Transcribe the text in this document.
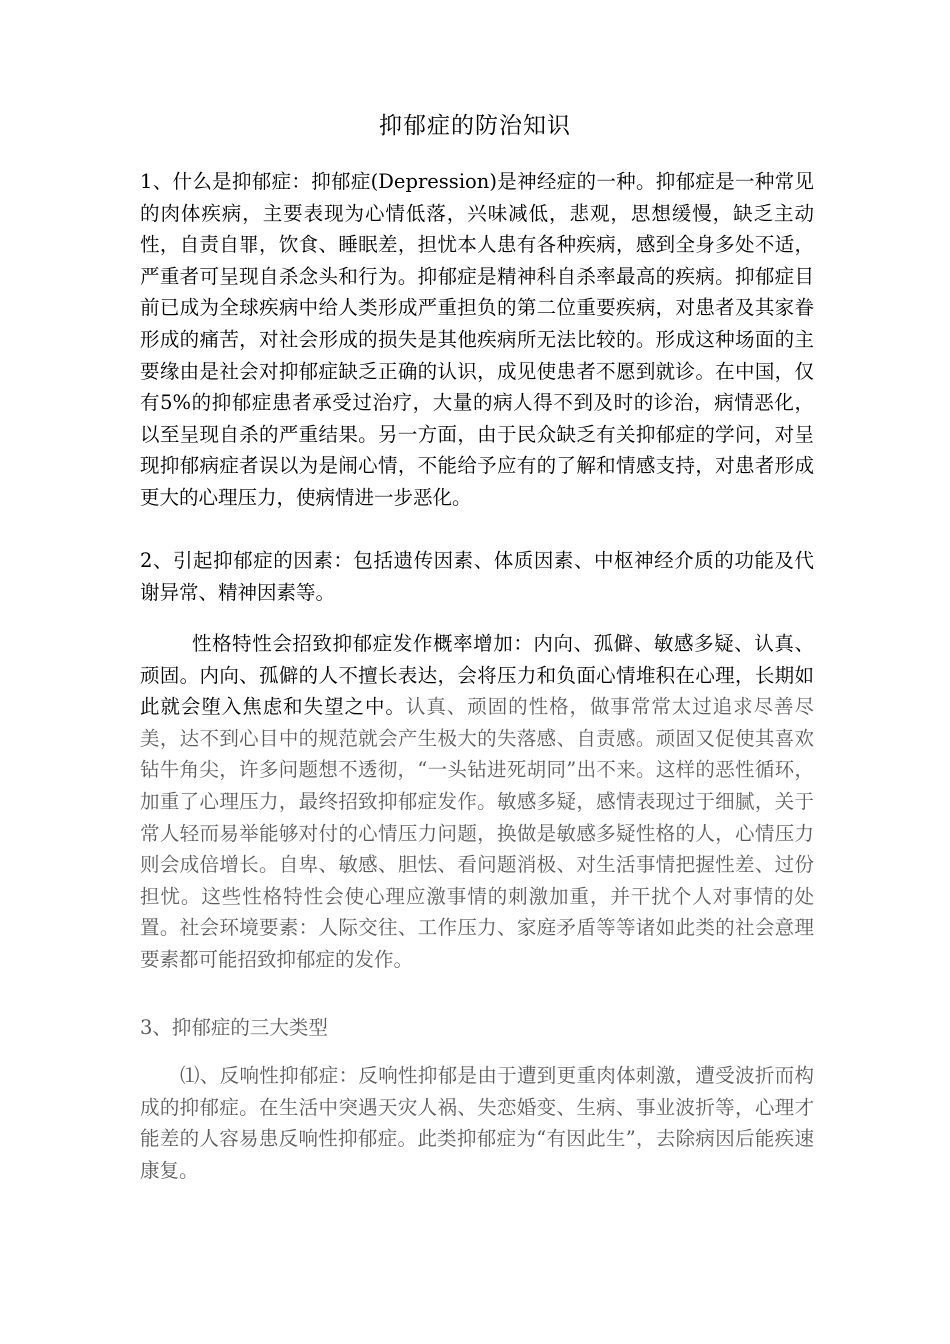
抑郁症的防治知识
1、什么是抑郁症：抑郁症(Depression)是神经症的一种。抑郁症是一种常见的肉体疾病，主要表现为心情低落，兴味减低，悲观，思想缓慢，缺乏主动性，自责自罪，饮食、睡眠差，担忧本人患有各种疾病，感到全身多处不适，严重者可呈现自杀念头和行为。抑郁症是精神科自杀率最高的疾病。抑郁症目前已成为全球疾病中给人类形成严重担负的第二位重要疾病，对患者及其家眷形成的痛苦，对社会形成的损失是其他疾病所无法比较的。形成这种场面的主要缘由是社会对抑郁症缺乏正确的认识，成见使患者不愿到就诊。在中国，仅有5%的抑郁症患者承受过治疗，大量的病人得不到及时的诊治，病情恶化，以至呈现自杀的严重结果。另一方面，由于民众缺乏有关抑郁症的学问，对呈现抑郁病症者误以为是闹心情，不能给予应有的了解和情感支持，对患者形成更大的心理压力，使病情进一步恶化。
2、引起抑郁症的因素：包括遗传因素、体质因素、中枢神经介质的功能及代谢异常、精神因素等。
性格特性会招致抑郁症发作概率增加：内向、孤僻、敏感多疑、认真、顽固。内向、孤僻的人不擅长表达，会将压力和负面心情堆积在心理，长期如此就会堕入焦虑和失望之中。认真、顽固的性格，做事常常太过追求尽善尽美，达不到心目中的规范就会产生极大的失落感、自责感。顽固又促使其喜欢钻牛角尖，许多问题想不透彻，“一头钻进死胡同”出不来。这样的恶性循环，加重了心理压力，最终招致抑郁症发作。敏感多疑，感情表现过于细腻，关于常人轻而易举能够对付的心情压力问题，换做是敏感多疑性格的人，心情压力则会成倍增长。自卑、敏感、胆怯、看问题消极、对生活事情把握性差、过份担忧。这些性格特性会使心理应激事情的刺激加重，并干扰个人对事情的处置。社会环境要素：人际交往、工作压力、家庭矛盾等等诸如此类的社会意理要素都可能招致抑郁症的发作。
3、抑郁症的三大类型
⑴、反响性抑郁症：反响性抑郁是由于遭到更重肉体刺激，遭受波折而构成的抑郁症。在生活中突遇天灾人祸、失恋婚变、生病、事业波折等，心理才能差的人容易患反响性抑郁症。此类抑郁症为“有因此生”，去除病因后能疾速康复。
